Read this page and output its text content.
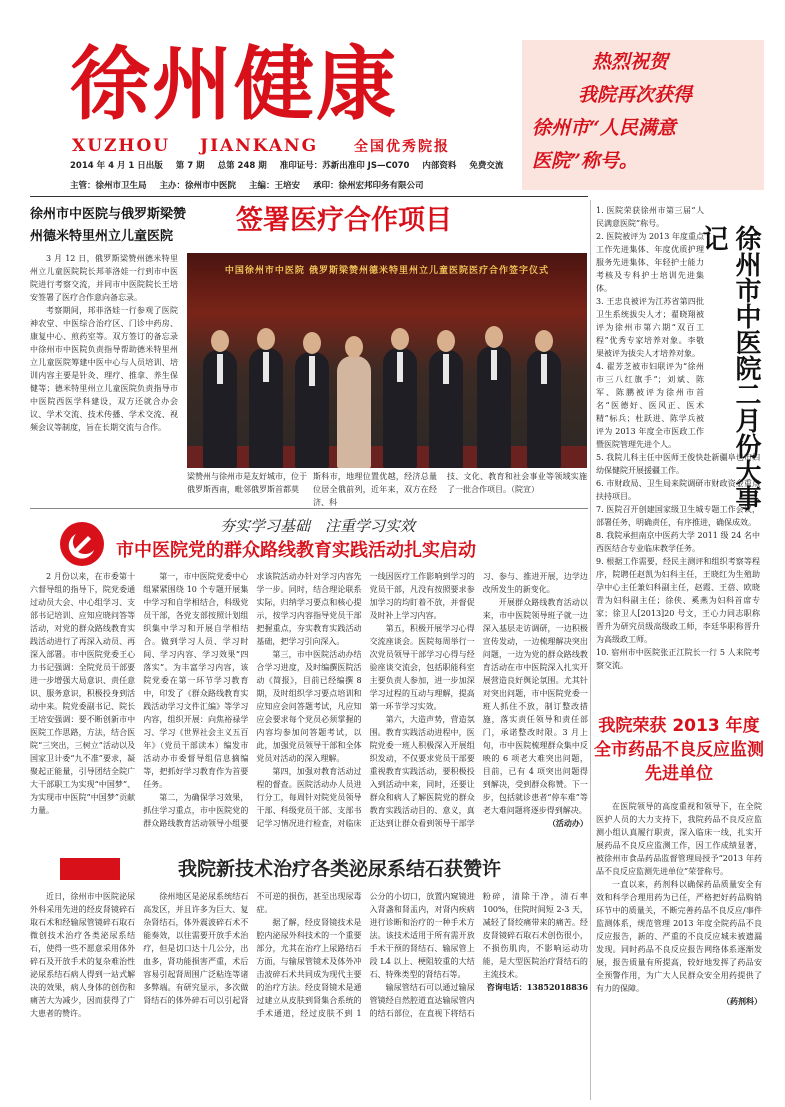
徐州健康
XUZHOU JIANKANG	全国优秀院报
2014 年 4 月 1 日出版 第 7 期 总第 248 期 准印证号：苏新出准印 JS—C070 内部资料 免费交流
主管：徐州市卫生局 主办：徐州市中医院 主编：王培安 承印：徐州宏邦印务有限公司

热烈祝贺

我院再次获得

徐州市“人民满意

医院”称号。

徐州市中医院与俄罗斯梁赞
州德米特里州立儿童医院
签署医疗合作项目

3 月 12 日，俄罗斯梁赞州德米特里州立儿童医院院长邦菲洛娃一行到市中医院进行考察交流，并同市中医院院长王培安签署了医疗合作意向备忘录。

考察期间，邦菲洛娃一行参观了医院神农堂、中医综合治疗区、门诊中药房、康复中心、煎药室等。双方签订的备忘录中徐州市中医院负责指导帮助德米特里州立儿童医院筹建中医中心与人员培训、培训内容主要是针灸、理疗、推拿、养生保健等；德米特里州立儿童医院负责指导市中医院西医学科建设，双方还就合办会议、学术交流、技术传播、学术交流、视频会议等制度，旨在长期交流与合作。

中国徐州市中医院 俄罗斯梁赞州德米特里州立儿童医院医疗合作签字仪式
梁赞州与徐州市是友好城市，位于俄罗斯西南，毗邻俄罗斯首都莫
斯科市，地理位置优越，经济总量位居全俄前列，近年来，双方在经济、科
技、文化、教育和社会事业等领域实施了一批合作项目。（院宣）	徐州市中医院二月份大事记

1. 医院荣获徐州市第三届“人民满意医院”称号。

2. 医院被评为 2013 年度重点工作先进集体、年度优质护理服务先进集体、年轻护士能力考核及专科护士培训先进集体。

3. 王忠良被评为江苏省第四批卫生系统拔尖人才；翟晓翔被评为徐州市第六期“双百工程”优秀专家培养对象。李敬果被评为拔尖人才培养对象。

4. 翟芳芝被市妇联评为“徐州市三八红旗手”；刘斌、陈军、陈鹏被评为徐州市首名“医德好、医风正、医术精”标兵；杜跃进、陈学兵被评为 2013 年度全市医政工作暨医院管理先进个人。

5. 我院儿科主任中医师王俊快赴新疆阜也市妇幼保健院开展援疆工作。

6. 市财政局、卫生局来院调研市财政资金重点扶持项目。

7. 医院召开创建国家级卫生城专题工作会议，部署任务，明确责任，有序推进，确保成效。

8. 我院承担南京中医药大学 2011 级 24 名中西医结合专业临床教学任务。

9. 根据工作需要，经民主测评和组织考察等程序，院聘任赵凯为妇科主任，王晓红为生殖助孕中心主任兼妇科副主任，赵霞、王蓓、欧晓青为妇科副主任；徐侠、奚燕为妇科首席专家；徐卫人[2013]20 号文，王心力同志职称晋升为研究员级高级政工师，李廷华职称晋升为高级政工师。

10. 宿州市中医院张正江院长一行 5 人来院考察交流。

夯实学习基础　注重学习实效
市中医院党的群众路线教育实践活动扎实启动

2 月份以来，在市委第十六督导组的指导下，院党委通过动员大会、中心组学习、支部书记培训、应知应晓问答等活动，对党的群众路线教育实践活动进行了再深入动员、再深入部署。市中医院党委王心力书记强调：全院党员干部要进一步增强大局意识、责任意识、服务意识，积极投身到活动中来。院党委副书记、院长王培安强调：要不断创新市中医院工作思路，方法，结合医院“三突出，三树立”活动以及国家卫计委“九不准”要求，凝聚起正能量，引导团结全院广大干部职工为实现“中国梦”、为实现市中医院“中国梦”贡献力量。

第一，市中医院党委中心组紧紧围绕 10 个专题开展集中学习和自学相结合，科级党员干部，各党支部按照计划组织集中学习和开展自学相结合。做到学习人员、学习时间、学习内容、学习效果“四落实”。为丰富学习内容，该院党委在第一环节学习教育中，印发了《群众路线教育实践活动学习文件汇编》等学习内容，组织开展：向焦裕禄学习、学习《世界社会主义五百年》（党员干部读本）编发市活动办市委督导组信息摘编等，把抓好学习教育作为首要任务。

第二，为确保学习效果，抓住学习重点，市中医院党的群众路线教育活动领导小组要求该院活动办针对学习内容先学一步。同时，结合理论联系实际，归纳学习要点和核心提示，按学习内容指导党员干部把握重点，夯实教育实践活动基础，把学习引向深入。

第三，市中医院活动办结合学习进度，及时编撰医院活动《简报》，目前已经编撰 8 期，及时组织学习要点培训和应知应会问答题考试，凡应知应会要求每个党员必须掌握的内容均参加问答题考试，以此，加强党员领导干部和全体党员对活动的深入理解。

第四，加强对教育活动过程的督查。医院活动办人员进行分工，每周针对院党员领导干部、科级党员干部、支部书记学习情况进行检查，对临床一线因医疗工作影响到学习的党员干部，凡没有按照要求参加学习的均盯着不放，并督促及时补上学习内容。

第五，积极开展学习心得交流座谈会。医院每周举行一次党员领导干部学习心得与经验座谈交流会，包括职能科室主要负责人参加，进一步加深学习过程的互动与理解，提高第一环节学习实效。

第六，大造声势，营造氛围。教育实践活动进程中，医院党委一班人积极深入开展组织发动，不仅要求党员干部要重视教育实践活动，要积极投入到活动中来，同时，还要让群众和病人了解医院党的群众教育实践活动目的、意义，真正达到让群众看到领导干部学习、参与、推进开展，边学边改所发生的新变化。

开展群众路线教育活动以来，市中医院领导班子就一边深入基层走访调研，一边积极宣传发动，一边梳理解决突出问题，一边为党的群众路线教育活动在市中医院深入扎实开展营造良好舆论氛围。尤其针对突出问题，市中医院党委一班人抓住不放，制订整改措施，落实责任领导和责任部门，承诺整改时限。3 月上旬，市中医院梳理群众集中反映的 6 项老大难突出问题，目前，已有 4 项突出问题得到解决，受到群众称赞。下一步，包括就诊患者“停车难”等老大难问题将逐步得到解决。

（活动办）

我院荣获 2013 年度全市药品不良反应监测先进单位

在医院领导的高度重视和领导下，在全院医护人员的大力支持下，我院药品不良反应监测小组认真履行职责，深入临床一线，扎实开展药品不良反应监测工作，因工作成绩显著，被徐州市食品药品监督管理局授予“2013 年药品不良反应监测先进单位”荣誉称号。

一直以来，药剂科以确保药品质量安全有效和科学合理用药为已任，严格把好药品购销环节中的质量关，不断完善药品不良反应/事件监测体系，规范管理 2013 年度全院药品不良反应报告，新的、严重的不良反应城未被遗漏发现。同时药品不良反应报告网络体系逐渐发展，报告质量有所提高，较好地发挥了药品安全预警作用，为广大人民群众安全用药提供了有力的保障。

（药剂科）

我院新技术治疗各类泌尿系结石获赞许

近日，徐州市中医院泌尿外科采用先进的经皮肾镜碎石取石术和经输尿管镜碎石取石微创技术治疗各类泌尿系结石，使得一些不愿意采用体外碎石及开放手术的复杂难治性泌尿系结石病人得到一站式解决的效果，病人身体的创伤和痛苦大为减少，因而获得了广大患者的赞许。

徐州地区是泌尿系统结石高发区，并且许多为巨大、复杂肾结石，体外震波碎石术不能奏效，以往需要开放手术治疗，但是切口达十几公分，出血多，肾功能损害严重，术后容易引起肾周围广泛粘连等诸多弊端。有研究显示，多次做肾结石的体外碎石可以引起肾不可逆的损伤，甚至出现尿毒症。

据了解，经皮肾镜技术是腔内泌尿外科技术的一个重要部分，尤其在治疗上尿路结石方面，与输尿管镜术及体外冲击波碎石术共同成为现代主要的治疗方法。经皮肾镜术是通过建立从皮肤到肾集合系统的手术通道，经过皮肤不到 1 公分的小切口，放置内窥镜进入肾盏和肾盂内，对肾内疾病进行诊断和治疗的一种手术方法。该技术适用于所有需开放手术干预的肾结石、输尿管上段 L4 以上、梗阻较重的大结石、特殊类型的肾结石等。

输尿管结石可以通过输尿管镜经自然腔道直达输尿管内的结石部位，在直视下将结石粉碎，清除干净，清石率 100%，住院时间短 2-3 天，减轻了肾绞痛带来的痛苦。经皮肾镜碎石取石术创伤很小，不损伤肌肉，不影响运动功能，是大型医院治疗肾结石的主流技术。

咨询电话：13852018836
